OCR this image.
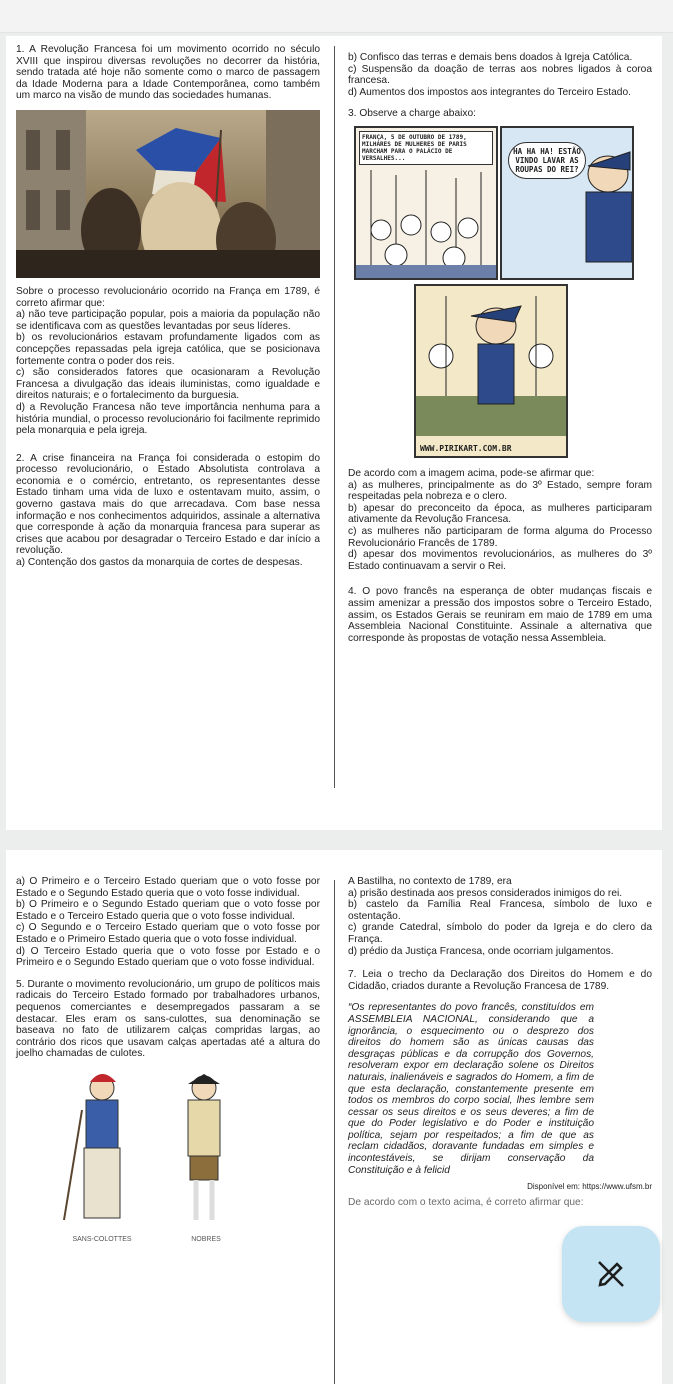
1. A Revolução Francesa foi um movimento ocorrido no século XVIII que inspirou diversas revoluções no decorrer da história, sendo tratada até hoje não somente como o marco de passagem da Idade Moderna para a Idade Contemporânea, como também um marco na visão de mundo das sociedades humanas.

Sobre o processo revolucionário ocorrido na França em 1789, é correto afirmar que:

a) não teve participação popular, pois a maioria da população não se identificava com as questões levantadas por seus líderes.

b) os revolucionários estavam profundamente ligados com as concepções repassadas pela igreja católica, que se posicionava fortemente contra o poder dos reis.

c) são considerados fatores que ocasionaram a Revolução Francesa a divulgação das ideais iluministas, como igualdade e direitos naturais; e o fortalecimento da burguesia.

d) a Revolução Francesa não teve importância nenhuma para a história mundial, o processo revolucionário foi facilmente reprimido pela monarquia e pela igreja.

2. A crise financeira na França foi considerada o estopim do processo revolucionário, o Estado Absolutista controlava a economia e o comércio, entretanto, os representantes desse Estado tinham uma vida de luxo e ostentavam muito, assim, o governo gastava mais do que arrecadava. Com base nessa informação e nos conhecimentos adquiridos, assinale a alternativa que corresponde à ação da monarquia francesa para superar as crises que acabou por desagradar o Terceiro Estado e dar início a revolução.

a) Contenção dos gastos da monarquia de cortes de despesas.

b) Confisco das terras e demais bens doados à Igreja Católica.

c) Suspensão da doação de terras aos nobres ligados à coroa francesa.

d) Aumentos dos impostos aos integrantes do Terceiro Estado.

3. Observe a charge abaixo:

FRANÇA, 5 DE OUTUBRO DE 1789, MILHARES DE MULHERES DE PARIS MARCHAM PARA O PALÁCIO DE VERSALHES...
HA HA HA! ESTÃO VINDO LAVAR AS ROUPAS DO REI?
WWW.PIRIKART.COM.BR

De acordo com a imagem acima, pode-se afirmar que:

a) as mulheres, principalmente as do 3º Estado, sempre foram respeitadas pela nobreza e o clero.

b) apesar do preconceito da época, as mulheres participaram ativamente da Revolução Francesa.

c) as mulheres não participaram de forma alguma do Processo Revolucionário Francês de 1789.

d) apesar dos movimentos revolucionários, as mulheres do 3º Estado continuavam a servir o Rei.

4. O povo francês na esperança de obter mudanças fiscais e assim amenizar a pressão dos impostos sobre o Terceiro Estado, assim, os Estados Gerais se reuniram em maio de 1789 em uma Assembleia Nacional Constituinte. Assinale a alternativa que corresponde às propostas de votação nessa Assembleia.

a) O Primeiro e o Terceiro Estado queriam que o voto fosse por Estado e o Segundo Estado queria que o voto fosse individual.

b) O Primeiro e o Segundo Estado queriam que o voto fosse por Estado e o Terceiro Estado queria que o voto fosse individual.

c) O Segundo e o Terceiro Estado queriam que o voto fosse por Estado e o Primeiro Estado queria que o voto fosse individual.

d) O Terceiro Estado queria que o voto fosse por Estado e o Primeiro e o Segundo Estado queriam que o voto fosse individual.

5. Durante o movimento revolucionário, um grupo de políticos mais radicais do Terceiro Estado formado por trabalhadores urbanos, pequenos comerciantes e desempregados passaram a se destacar. Eles eram os sans-culottes, sua denominação se baseava no fato de utilizarem calças compridas largas, ao contrário dos ricos que usavam calças apertadas até a altura do joelho chamadas de culotes.

SANS-COLOTTES	NOBRES

A Bastilha, no contexto de 1789, era

a) prisão destinada aos presos considerados inimigos do rei.

b) castelo da Família Real Francesa, símbolo de luxo e ostentação.

c) grande Catedral, símbolo do poder da Igreja e do clero da França.

d) prédio da Justiça Francesa, onde ocorriam julgamentos.

7. Leia o trecho da Declaração dos Direitos do Homem e do Cidadão, criados durante a Revolução Francesa de 1789.

“Os representantes do povo francês, constituídos em ASSEMBLEIA NACIONAL, considerando que a ignorância, o esquecimento ou o desprezo dos direitos do homem são as únicas causas das desgraças públicas e da corrupção dos Governos, resolveram expor em declaração solene os Direitos naturais, inalienáveis e sagrados do Homem, a fim de que esta declaração, constantemente presente em todos os membros do corpo social, lhes lembre sem cessar os seus direitos e os seus deveres; a fim de que do Poder legislativo e do Poder e instituição política, sejam por respeitados; a fim de que as reclam cidadãos, doravante fundadas em simples e incontestáveis, se dirijam conservação da Constituição e à felicid

Disponível em: https://www.ufsm.br

De acordo com o texto acima, é correto afirmar que:
